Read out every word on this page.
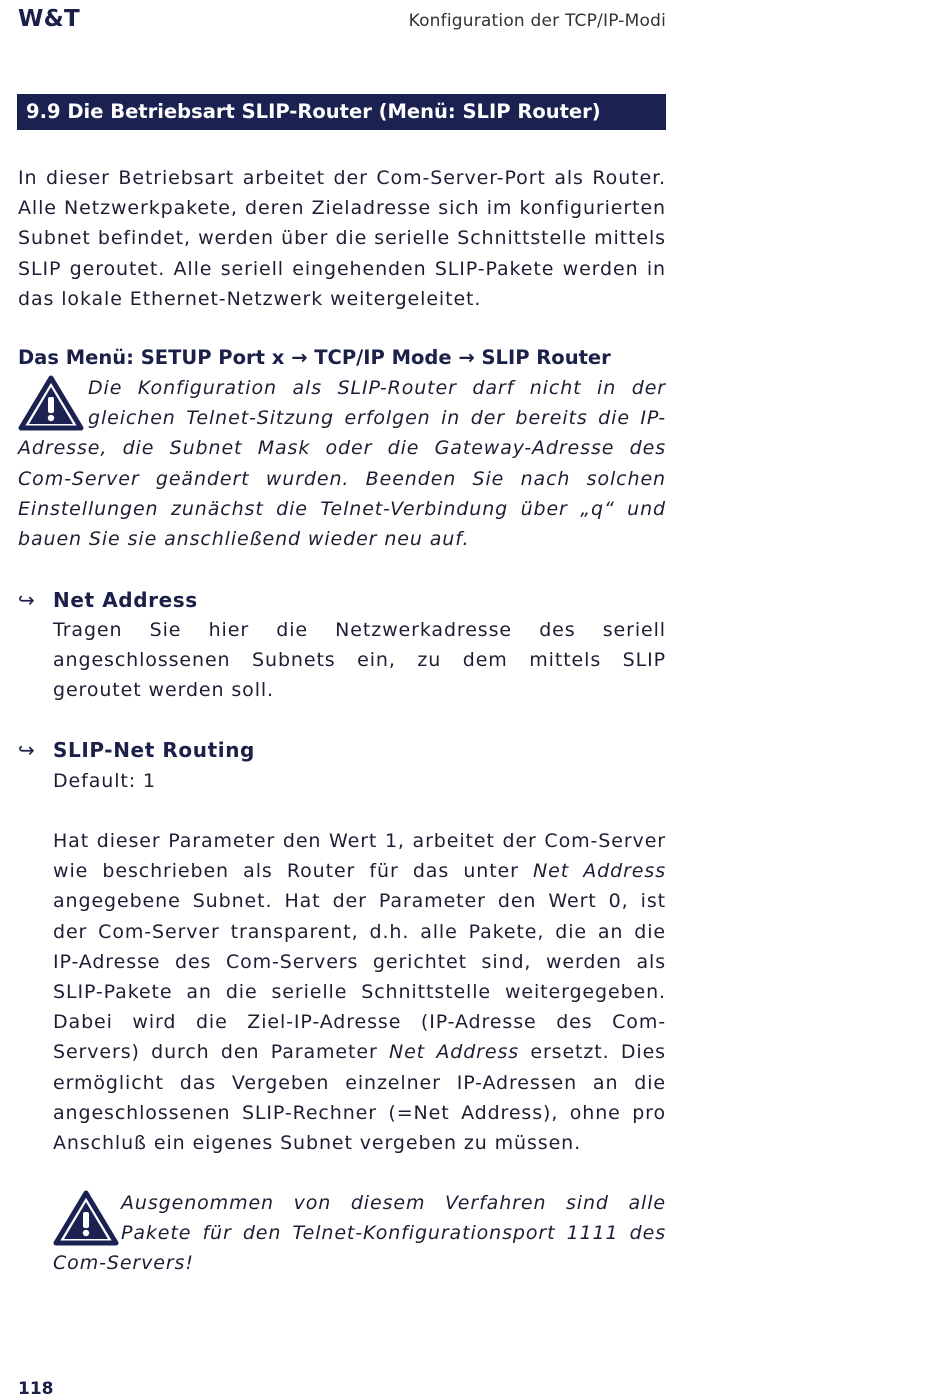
W&T	Konfiguration der TCP/IP-Modi
9.9 Die Betriebsart SLIP-Router (Menü: SLIP Router)

In dieser Betriebsart arbeitet der Com-Server-Port als Router. Alle Netzwerkpakete, deren Zieladresse sich im konfigurierten Subnet befindet, werden über die serielle Schnittstelle mittels SLIP geroutet. Alle seriell eingehenden SLIP-Pakete werden in das lokale Ethernet-Netzwerk weitergeleitet.

Das Menü: SETUP Port x → TCP/IP Mode → SLIP Router
Die Konfiguration als SLIP-Router darf nicht in der gleichen Telnet-Sitzung erfolgen in der bereits die IP-Adresse, die Subnet Mask oder die Gateway-Adresse des Com-Server geändert wurden. Beenden Sie nach solchen Einstellungen zunächst die Telnet-Verbindung über „q“ und bauen Sie sie anschließend wieder neu auf.
↪ Net Address

Tragen Sie hier die Netzwerkadresse des seriell angeschlossenen Subnets ein, zu dem mittels SLIP geroutet werden soll.

↪ SLIP-Net Routing
Default: 1

Hat dieser Parameter den Wert 1, arbeitet der Com-Server wie beschrieben als Router für das unter Net Address angegebene Subnet. Hat der Parameter den Wert 0, ist der Com-Server transparent, d.h. alle Pakete, die an die IP-Adresse des Com-Servers gerichtet sind, werden als SLIP-Pakete an die serielle Schnittstelle weitergegeben. Dabei wird die Ziel-IP-Adresse (IP-Adresse des Com-Servers) durch den Parameter Net Address ersetzt. Dies ermöglicht das Vergeben einzelner IP-Adressen an die angeschlossenen SLIP-Rechner (=Net Address), ohne pro Anschluß ein eigenes Subnet vergeben zu müssen.

Ausgenommen von diesem Verfahren sind alle Pakete für den Telnet-Konfigurationsport 1111 des Com-Servers!
118
